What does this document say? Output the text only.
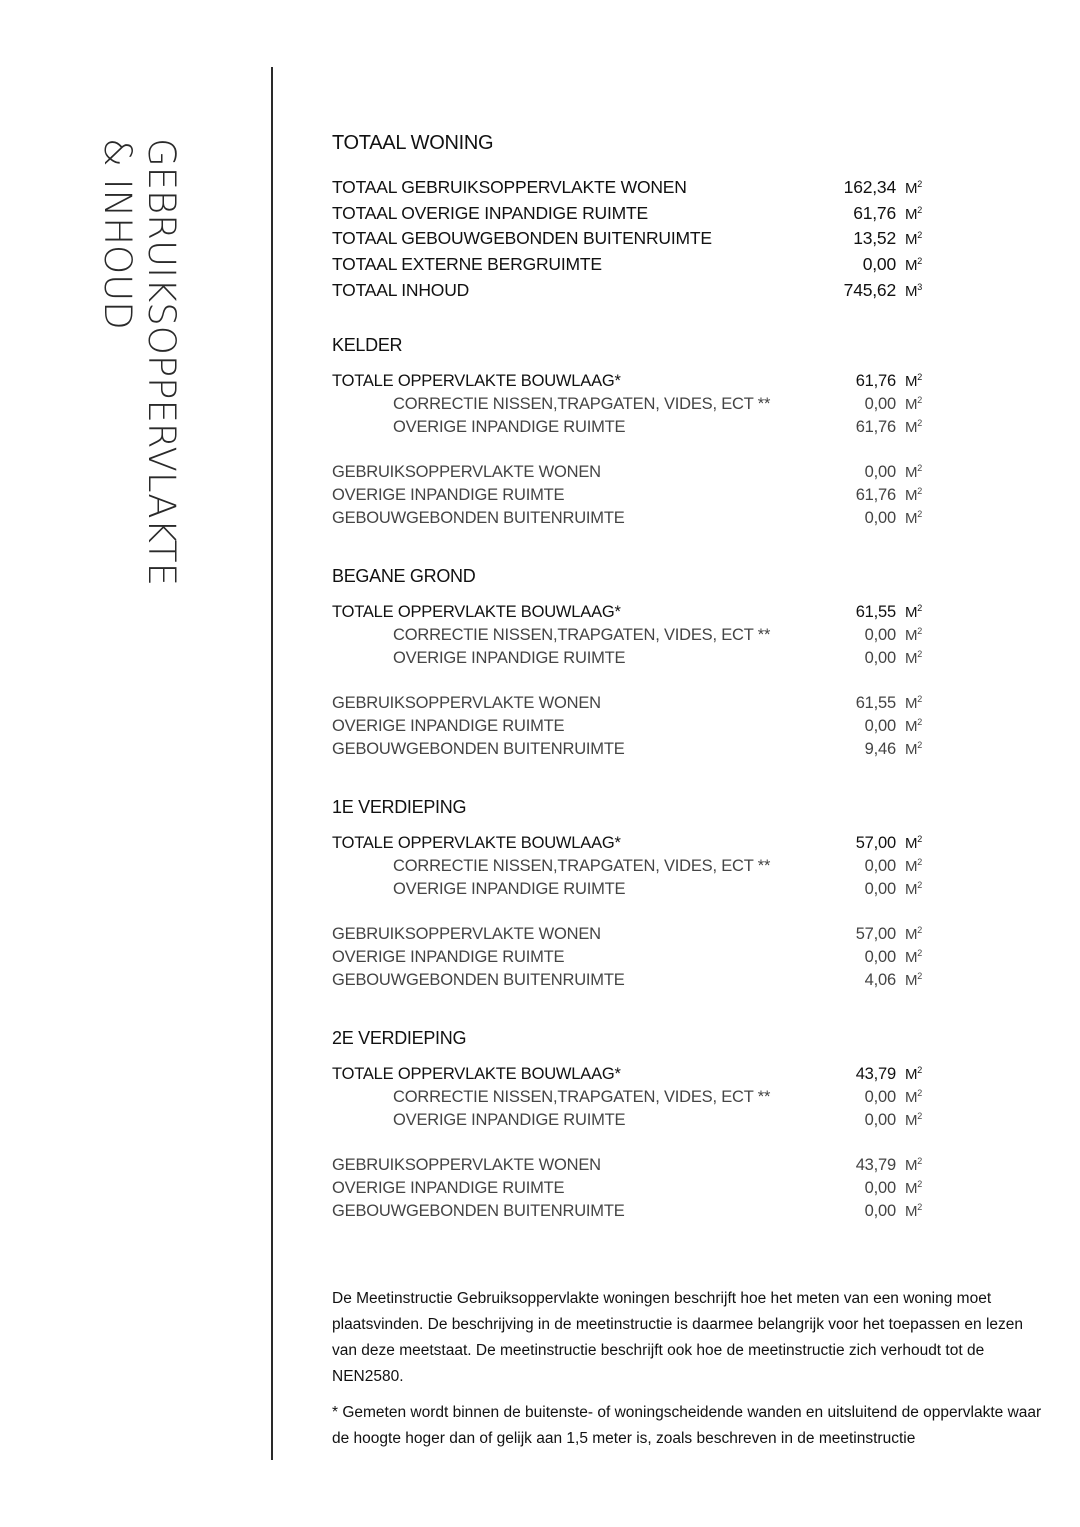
GEBRUIKSOPPERVLAKTE
& INHOUD	TOTAAL WONING
TOTAAL GEBRUIKSOPPERVLAKTE WONEN	162,34 $M^2$
TOTAAL OVERIGE INPANDIGE RUIMTE	61,76 $M^2$
TOTAAL GEBOUWGEBONDEN BUITENRUIMTE	13,52 $M^2$
TOTAAL EXTERNE BERGRUIMTE	0,00 $M^2$
TOTAAL INHOUD	745,62 $M^3$
KELDER
TOTALE OPPERVLAKTE BOUWLAAG*	61,76 $M^2$
CORRECTIE NISSEN,TRAPGATEN, VIDES, ECT **	0,00 $M^2$
OVERIGE INPANDIGE RUIMTE	61,76 $M^2$
GEBRUIKSOPPERVLAKTE WONEN	0,00 $M^2$
OVERIGE INPANDIGE RUIMTE	61,76 $M^2$
GEBOUWGEBONDEN BUITENRUIMTE	0,00 $M^2$
BEGANE GROND
TOTALE OPPERVLAKTE BOUWLAAG*	61,55 $M^2$
CORRECTIE NISSEN,TRAPGATEN, VIDES, ECT **	0,00 $M^2$
OVERIGE INPANDIGE RUIMTE	0,00 $M^2$
GEBRUIKSOPPERVLAKTE WONEN	61,55 $M^2$
OVERIGE INPANDIGE RUIMTE	0,00 $M^2$
GEBOUWGEBONDEN BUITENRUIMTE	9,46 $M^2$
1E VERDIEPING
TOTALE OPPERVLAKTE BOUWLAAG*	57,00 $M^2$
CORRECTIE NISSEN,TRAPGATEN, VIDES, ECT **	0,00 $M^2$
OVERIGE INPANDIGE RUIMTE	0,00 $M^2$
GEBRUIKSOPPERVLAKTE WONEN	57,00 $M^2$
OVERIGE INPANDIGE RUIMTE	0,00 $M^2$
GEBOUWGEBONDEN BUITENRUIMTE	4,06 $M^2$
2E VERDIEPING
TOTALE OPPERVLAKTE BOUWLAAG*	43,79 $M^2$
CORRECTIE NISSEN,TRAPGATEN, VIDES, ECT **	0,00 $M^2$
OVERIGE INPANDIGE RUIMTE	0,00 $M^2$
GEBRUIKSOPPERVLAKTE WONEN	43,79 $M^2$
OVERIGE INPANDIGE RUIMTE	0,00 $M^2$
GEBOUWGEBONDEN BUITENRUIMTE	0,00 $M^2$

De Meetinstructie Gebruiksoppervlakte woningen beschrijft hoe het meten van een woning moet plaatsvinden. De beschrijving in de meetinstructie is daarmee belangrijk voor het toepassen en lezen van deze meetstaat. De meetinstructie beschrijft ook hoe de meetinstructie zich verhoudt tot de NEN2580.

* Gemeten wordt binnen de buitenste- of woningscheidende wanden en uitsluitend de oppervlakte waar de hoogte hoger dan of gelijk aan 1,5 meter is, zoals beschreven in de meetinstructie
